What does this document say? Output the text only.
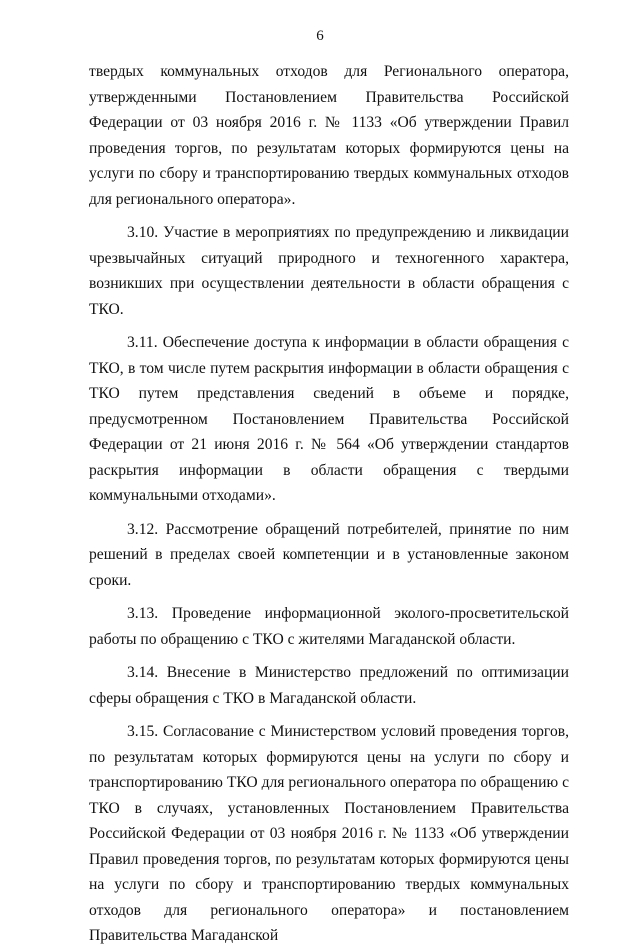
6

твердых коммунальных отходов для Регионального оператора, утвержденными Постановлением Правительства Российской Федерации от 03 ноября 2016 г. № 1133 «Об утверждении Правил проведения торгов, по результатам которых формируются цены на услуги по сбору и транспортированию твердых коммунальных отходов для регионального оператора».

3.10. Участие в мероприятиях по предупреждению и ликвидации чрезвычайных ситуаций природного и техногенного характера, возникших при осуществлении деятельности в области обращения с ТКО.

3.11. Обеспечение доступа к информации в области обращения с ТКО, в том числе путем раскрытия информации в области обращения с ТКО путем представления сведений в объеме и порядке, предусмотренном Постановлением Правительства Российской Федерации от 21 июня 2016 г. № 564 «Об утверждении стандартов раскрытия информации в области обращения с твердыми коммунальными отходами».

3.12. Рассмотрение обращений потребителей, принятие по ним решений в пределах своей компетенции и в установленные законом сроки.

3.13. Проведение информационной эколого-просветительской работы по обращению с ТКО с жителями Магаданской области.

3.14. Внесение в Министерство предложений по оптимизации сферы обращения с ТКО в Магаданской области.

3.15. Согласование с Министерством условий проведения торгов, по результатам которых формируются цены на услуги по сбору и транспортированию ТКО для регионального оператора по обращению с ТКО в случаях, установленных Постановлением Правительства Российской Федерации от 03 ноября 2016 г. № 1133 «Об утверждении Правил проведения торгов, по результатам которых формируются цены на услуги по сбору и транспортированию твердых коммунальных отходов для регионального оператора» и постановлением Правительства Магаданской
